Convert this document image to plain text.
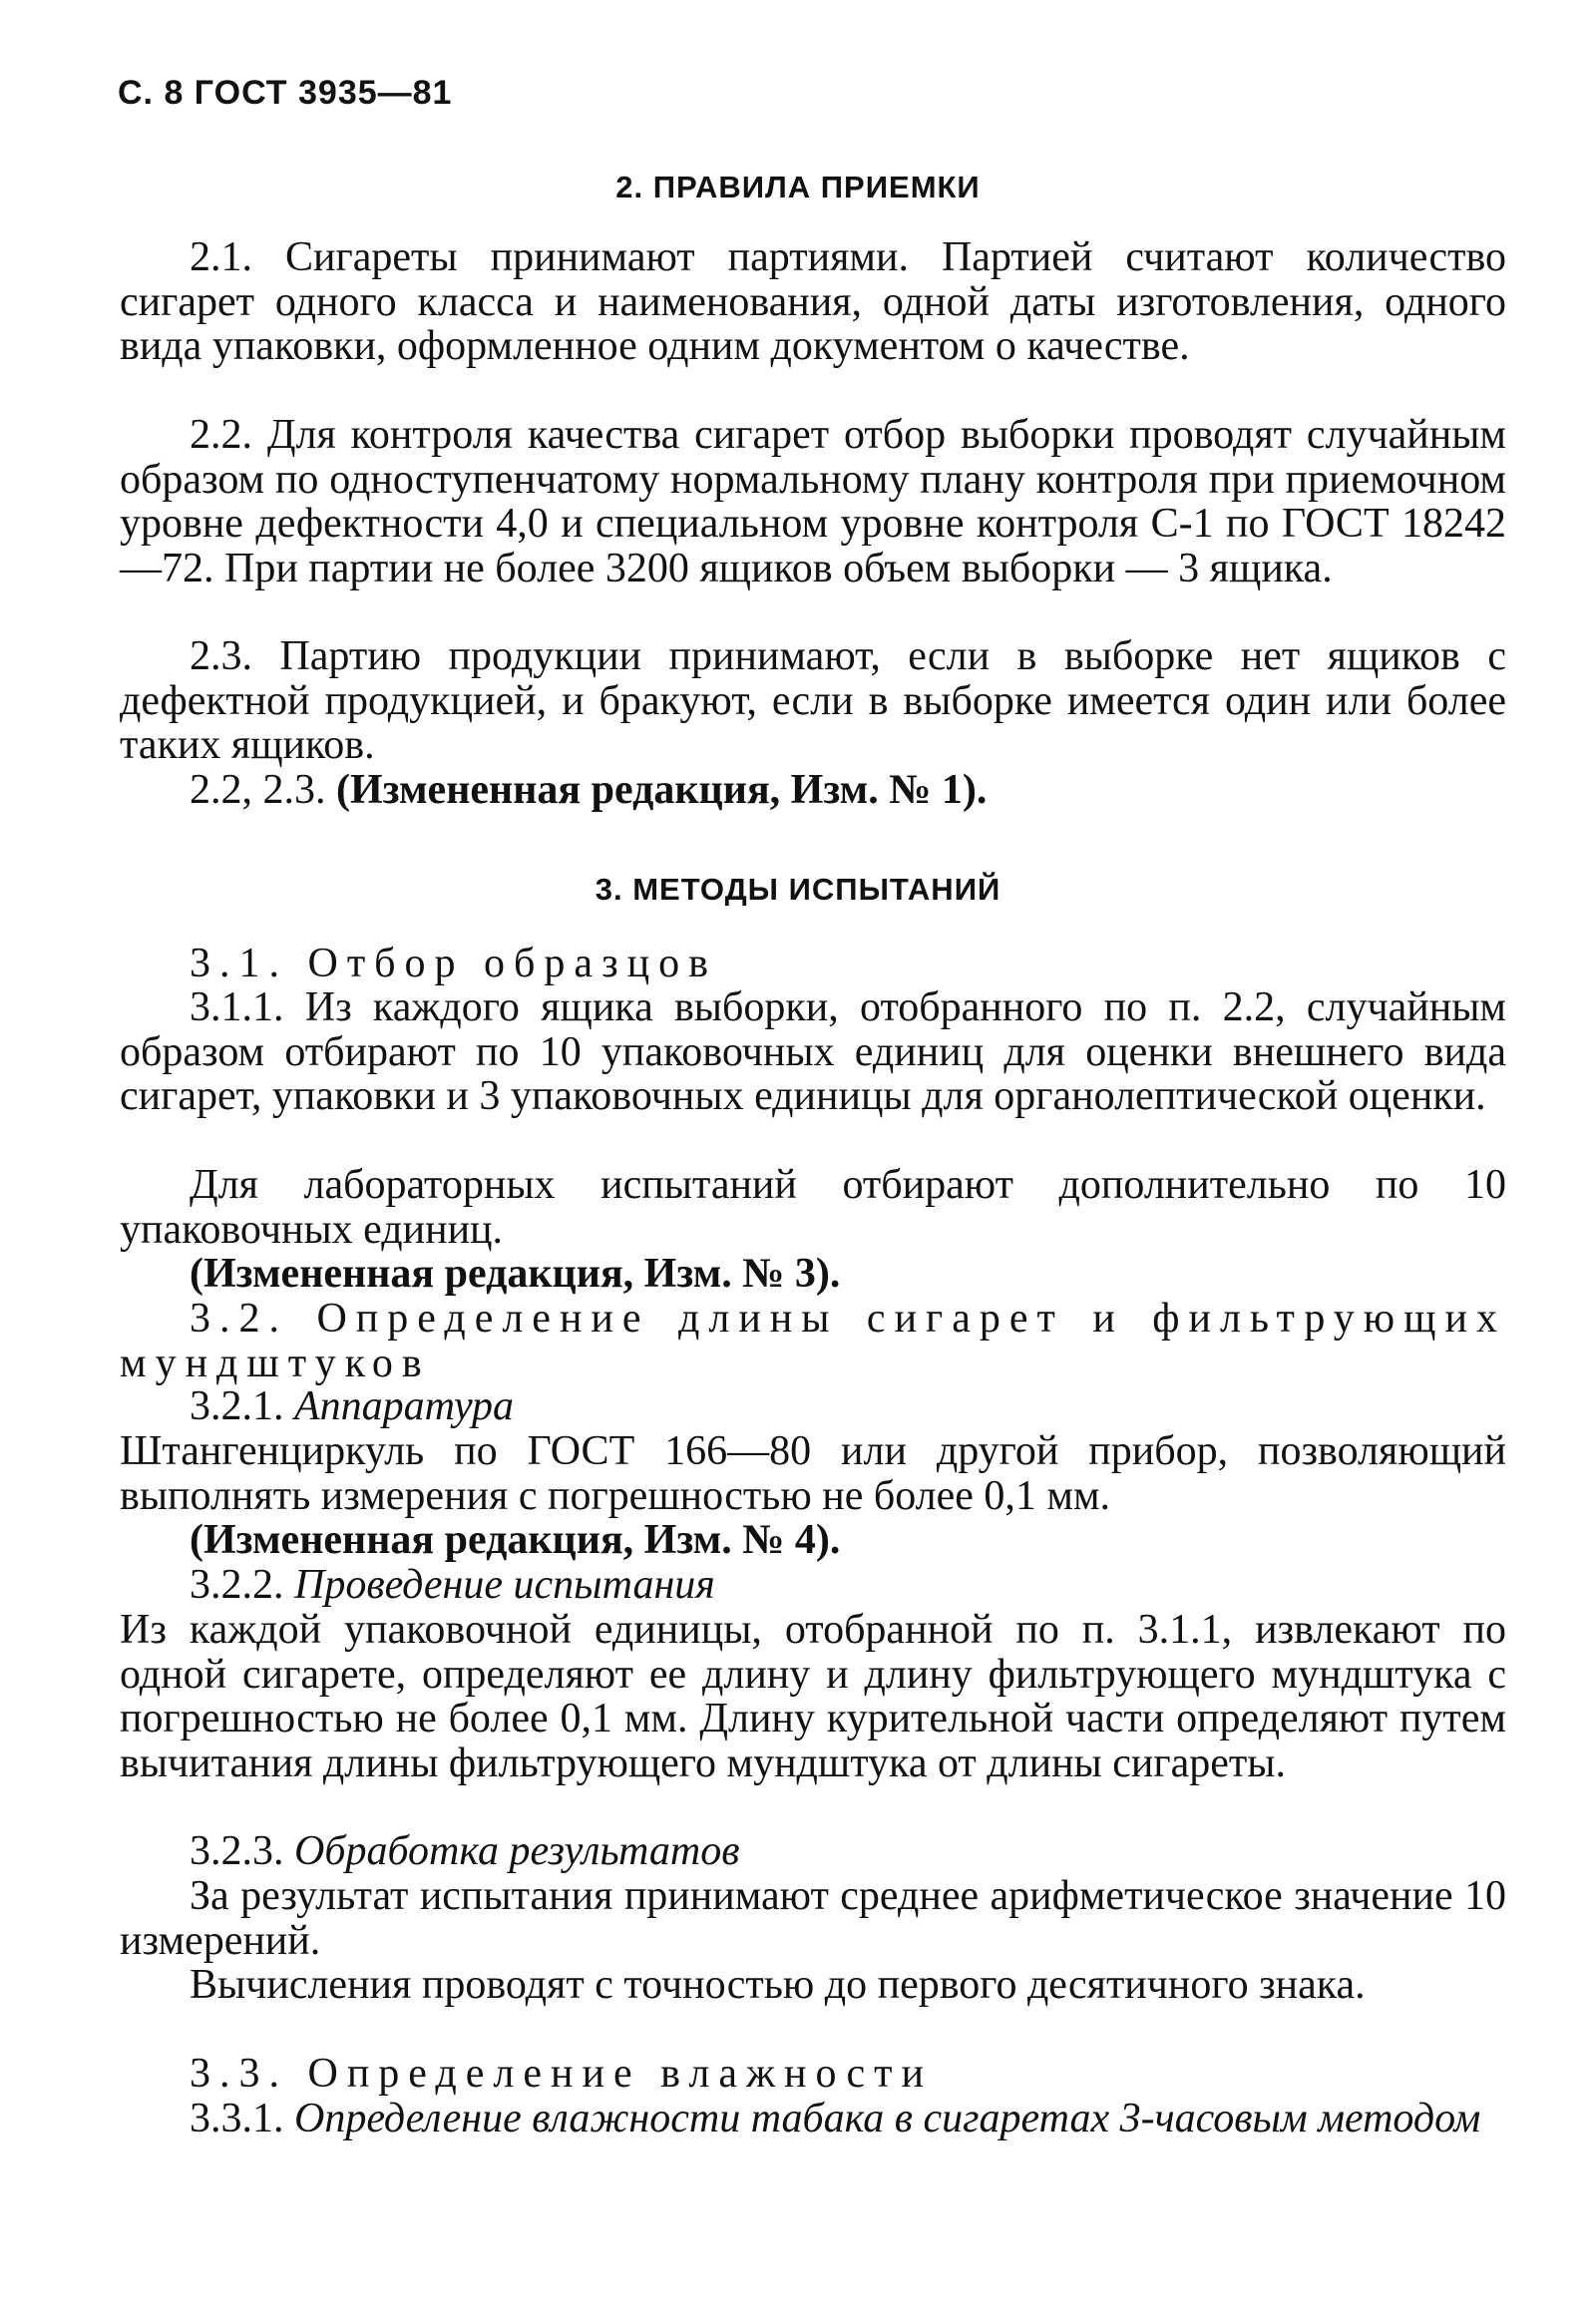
С. 8 ГОСТ 3935—81
2. ПРАВИЛА ПРИЕМКИ

2.1. Сигареты принимают партиями. Партией считают количество сигарет одного класса и наименования, одной даты изготовления, одного вида упаковки, оформленное одним документом о качестве.

2.2. Для контроля качества сигарет отбор выборки проводят случайным образом по одноступенчатому нормальному плану контроля при приемочном уровне дефектности 4,0 и специальном уровне контроля С-1 по ГОСТ 18242—72. При партии не более 3200 ящиков объем выборки — 3 ящика.

2.3. Партию продукции принимают, если в выборке нет ящиков с дефектной продукцией, и бракуют, если в выборке имеется один или более таких ящиков.

2.2, 2.3. (Измененная редакция, Изм. № 1).

3. МЕТОДЫ ИСПЫТАНИЙ

3.1. Отбор образцов

3.1.1. Из каждого ящика выборки, отобранного по п. 2.2, случайным образом отбирают по 10 упаковочных единиц для оценки внешнего вида сигарет, упаковки и 3 упаковочных единицы для органолептической оценки.

Для лабораторных испытаний отбирают дополнительно по 10 упаковочных единиц.

(Измененная редакция, Изм. № 3).

3.2. Определение длины сигарет и фильтрующих мундштуков

3.2.1. Аппаратура

Штангенциркуль по ГОСТ 166—80 или другой прибор, позволяющий выполнять измерения с погрешностью не более 0,1 мм.

(Измененная редакция, Изм. № 4).

3.2.2. Проведение испытания

Из каждой упаковочной единицы, отобранной по п. 3.1.1, извлекают по одной сигарете, определяют ее длину и длину фильтрующего мундштука с погрешностью не более 0,1 мм. Длину курительной части определяют путем вычитания длины фильтрующего мундштука от длины сигареты.

3.2.3. Обработка результатов

За результат испытания принимают среднее арифметическое значение 10 измерений.

Вычисления проводят с точностью до первого десятичного знака.

3.3. Определение влажности

3.3.1. Определение влажности табака в сигаретах 3-часовым методом
